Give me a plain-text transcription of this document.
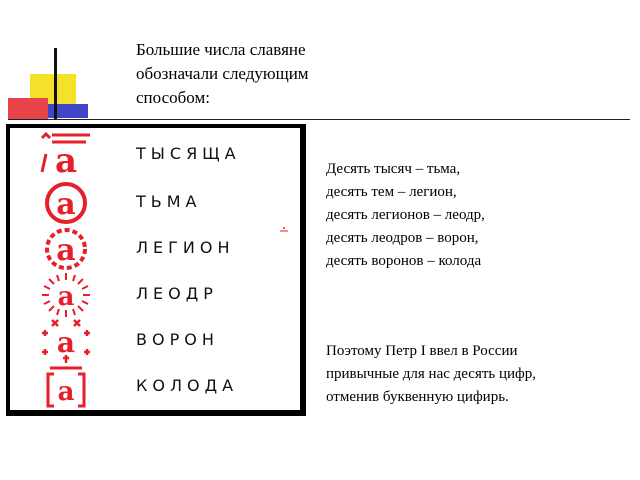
Большие числа славяне
обозначали следующим
способом:
а	ТЫСЯЩА
а	ТЬМА
а	ЛЕГИОН
а	ЛЕОДР
а	ВОРОН
а	КОЛОДА
Десять тысяч – тьма,
десять тем – легион,
десять легионов – леодр,
десять леодров – ворон,
десять воронов – колода
Поэтому Петр I ввел в России
привычные для нас десять цифр,
отменив буквенную цифирь.
